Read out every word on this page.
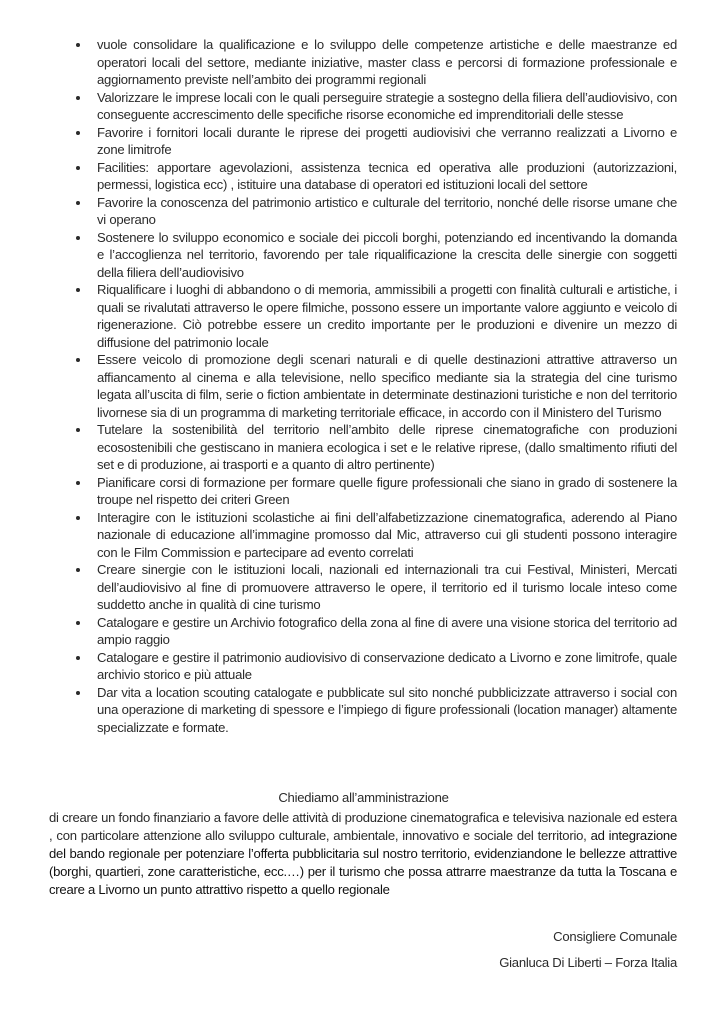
vuole consolidare la qualificazione e lo sviluppo delle competenze artistiche e delle maestranze ed operatori locali del settore, mediante iniziative, master class e percorsi di formazione professionale e aggiornamento previste nell’ambito dei programmi regionali
Valorizzare le imprese locali con le quali perseguire strategie a sostegno della filiera dell’audiovisivo, con conseguente accrescimento delle specifiche risorse economiche ed imprenditoriali delle stesse
Favorire i fornitori locali durante le riprese dei progetti audiovisivi che verranno realizzati a Livorno e zone limitrofe
Facilities: apportare agevolazioni, assistenza tecnica ed operativa alle produzioni (autorizzazioni, permessi, logistica ecc) , istituire una database di operatori ed istituzioni locali del settore
Favorire la conoscenza del patrimonio artistico e culturale del territorio, nonché delle risorse umane che vi operano
Sostenere lo sviluppo economico e sociale dei piccoli borghi, potenziando ed incentivando la domanda e l’accoglienza nel territorio, favorendo per tale riqualificazione la crescita delle sinergie con soggetti della filiera dell’audiovisivo
Riqualificare i luoghi di abbandono o di memoria, ammissibili a progetti con finalità culturali e artistiche, i quali se rivalutati attraverso le opere filmiche, possono essere un importante valore aggiunto e veicolo di rigenerazione. Ciò potrebbe essere un credito importante per le produzioni e divenire un mezzo di diffusione del patrimonio locale
Essere veicolo di promozione degli scenari naturali e di quelle destinazioni attrattive attraverso un affiancamento al cinema e alla televisione, nello specifico mediante sia la strategia del cine turismo legata all’uscita di film, serie o fiction ambientate in determinate destinazioni turistiche e non del territorio livornese sia di un programma di marketing territoriale efficace, in accordo con il Ministero del Turismo
Tutelare la sostenibilità del territorio nell’ambito delle riprese cinematografiche con produzioni ecosostenibili che gestiscano in maniera ecologica i set e le relative riprese, (dallo smaltimento rifiuti del set e di produzione, ai trasporti e a quanto di altro pertinente)
Pianificare corsi di formazione per formare quelle figure professionali che siano in grado di sostenere la troupe nel rispetto dei criteri Green
Interagire con le istituzioni scolastiche ai fini dell’alfabetizzazione cinematografica, aderendo al Piano nazionale di educazione all’immagine promosso dal Mic, attraverso cui gli studenti possono interagire con le Film Commission e partecipare ad evento correlati
Creare sinergie con le istituzioni locali, nazionali ed internazionali tra cui Festival, Ministeri, Mercati dell’audiovisivo al fine di promuovere attraverso le opere, il territorio ed il turismo locale inteso come suddetto anche in qualità di cine turismo
Catalogare e gestire un Archivio fotografico della zona al fine di avere una visione storica del territorio ad ampio raggio
Catalogare e gestire il patrimonio audiovisivo di conservazione dedicato a Livorno e zone limitrofe, quale archivio storico e più attuale
Dar vita a location scouting catalogate e pubblicate sul sito nonché pubblicizzate attraverso i social con una operazione di marketing di spessore e l’impiego di figure professionali (location manager) altamente specializzate e formate.
Chiediamo all’amministrazione

di creare un fondo finanziario a favore delle attività di produzione cinematografica e televisiva nazionale ed estera , con particolare attenzione allo sviluppo culturale, ambientale, innovativo e sociale del territorio, ad integrazione del bando regionale per potenziare l’offerta pubblicitaria sul nostro territorio, evidenziandone le bellezze attrattive (borghi, quartieri, zone caratteristiche, ecc.…) per il turismo che possa attrarre maestranze da tutta la Toscana e creare a Livorno un punto attrattivo rispetto a quello regionale

Consigliere Comunale
Gianluca Di Liberti – Forza Italia
